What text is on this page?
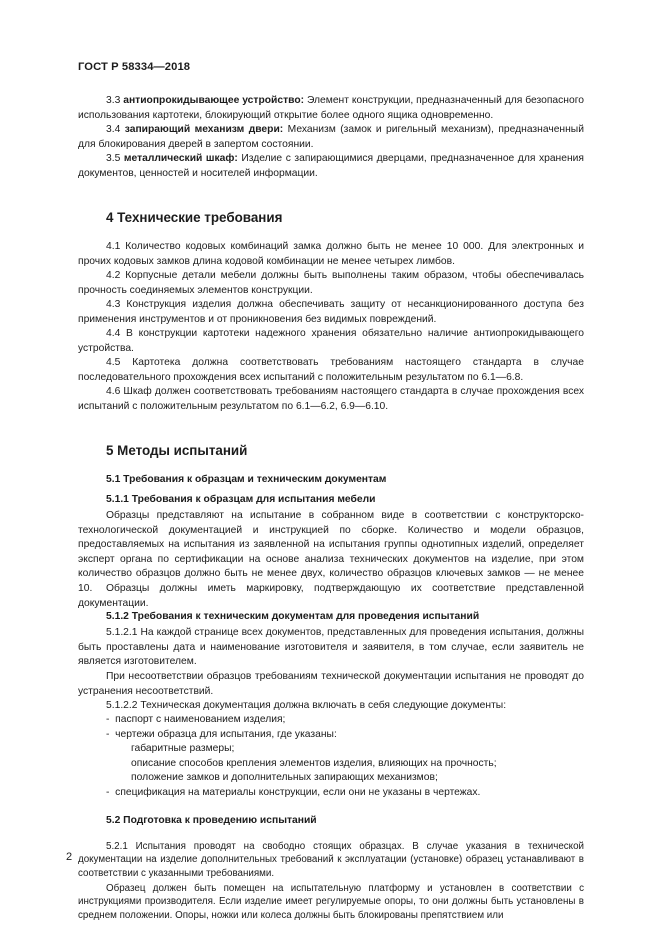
ГОСТ Р 58334—2018

3.3 антиопрокидывающее устройство: Элемент конструкции, предназначенный для безопасного использования картотеки, блокирующий открытие более одного ящика одновременно.

3.4 запирающий механизм двери: Механизм (замок и ригельный механизм), предназначенный для блокирования дверей в запертом состоянии.

3.5 металлический шкаф: Изделие с запирающимися дверцами, предназначенное для хранения документов, ценностей и носителей информации.

4 Технические требования

4.1 Количество кодовых комбинаций замка должно быть не менее 10 000. Для электронных и прочих кодовых замков длина кодовой комбинации не менее четырех лимбов.

4.2 Корпусные детали мебели должны быть выполнены таким образом, чтобы обеспечивалась прочность соединяемых элементов конструкции.

4.3 Конструкция изделия должна обеспечивать защиту от несанкционированного доступа без применения инструментов и от проникновения без видимых повреждений.

4.4 В конструкции картотеки надежного хранения обязательно наличие антиопрокидывающего устройства.

4.5 Картотека должна соответствовать требованиям настоящего стандарта в случае последовательного прохождения всех испытаний с положительным результатом по 6.1—6.8.

4.6 Шкаф должен соответствовать требованиям настоящего стандарта в случае прохождения всех испытаний с положительным результатом по 6.1—6.2, 6.9—6.10.

5 Методы испытаний
5.1 Требования к образцам и техническим документам
5.1.1 Требования к образцам для испытания мебели

Образцы представляют на испытание в собранном виде в соответствии с конструкторско-технологической документацией и инструкцией по сборке. Количество и модели образцов, предоставляемых на испытания из заявленной на испытания группы однотипных изделий, определяет эксперт органа по сертификации на основе анализа технических документов на изделие, при этом количество образцов должно быть не менее двух, количество образцов ключевых замков — не менее 10.	Образцы должны иметь маркировку, подтверждающую их соответствие представленной документации.

5.1.2 Требования к техническим документам для проведения испытаний

5.1.2.1 На каждой странице всех документов, представленных для проведения испытания, должны быть проставлены дата и наименование изготовителя и заявителя, в том случае, если заявитель не является изготовителем.

При несоответствии образцов требованиям технической документации испытания не проводят до устранения несоответствий.

5.1.2.2 Техническая документация должна включать в себя следующие документы:

- паспорт с наименованием изделия;
- чертежи образца для испытания, где указаны:
габаритные размеры;
описание способов крепления элементов изделия, влияющих на прочность;
положение замков и дополнительных запирающих механизмов;
- спецификация на материалы конструкции, если они не указаны в чертежах.
5.2 Подготовка к проведению испытаний

5.2.1 Испытания проводят на свободно стоящих образцах. В случае указания в технической документации на изделие дополнительных требований к эксплуатации (установке) образец устанавливают в соответствии с указанными требованиями.

Образец должен быть помещен на испытательную платформу и установлен в соответствии с инструкциями производителя. Если изделие имеет регулируемые опоры, то они должны быть установлены в среднем положении. Опоры, ножки или колеса должны быть блокированы препятствием или

2
